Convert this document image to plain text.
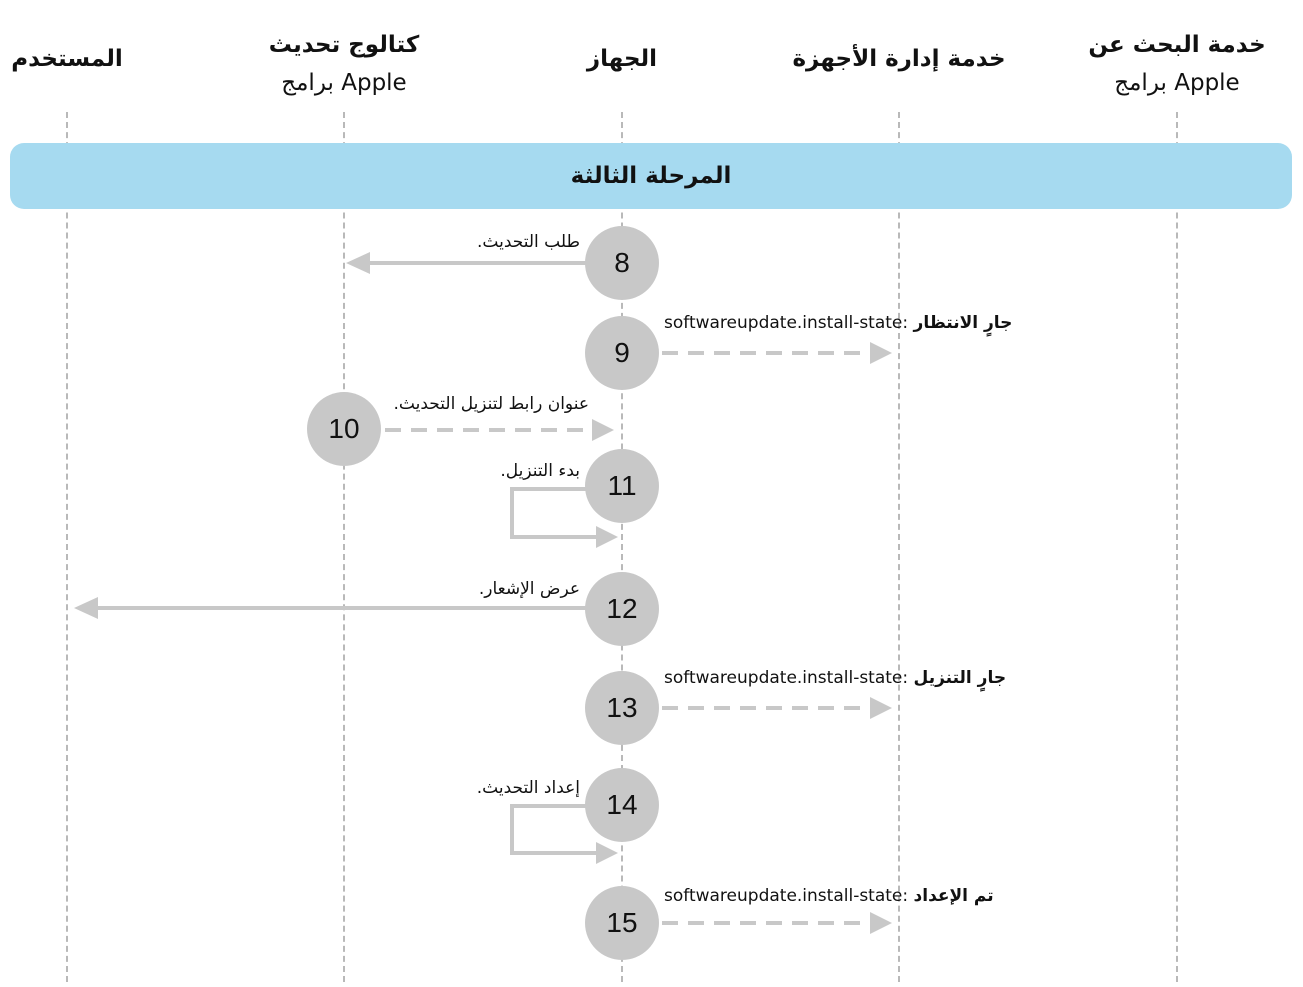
المستخدم
كتالوج تحديث
برامج Apple
الجهاز	خدمة إدارة الأجهزة
خدمة البحث عن
برامج Apple
المرحلة الثالثة
8
9
10
11
12
13
14
15
طلب التحديث.
softwareupdate.install-state: جارٍ الانتظار
عنوان رابط لتنزيل التحديث.
بدء التنزيل.
عرض الإشعار.
softwareupdate.install-state: جارٍ التنزيل
إعداد التحديث.
softwareupdate.install-state: تم الإعداد
